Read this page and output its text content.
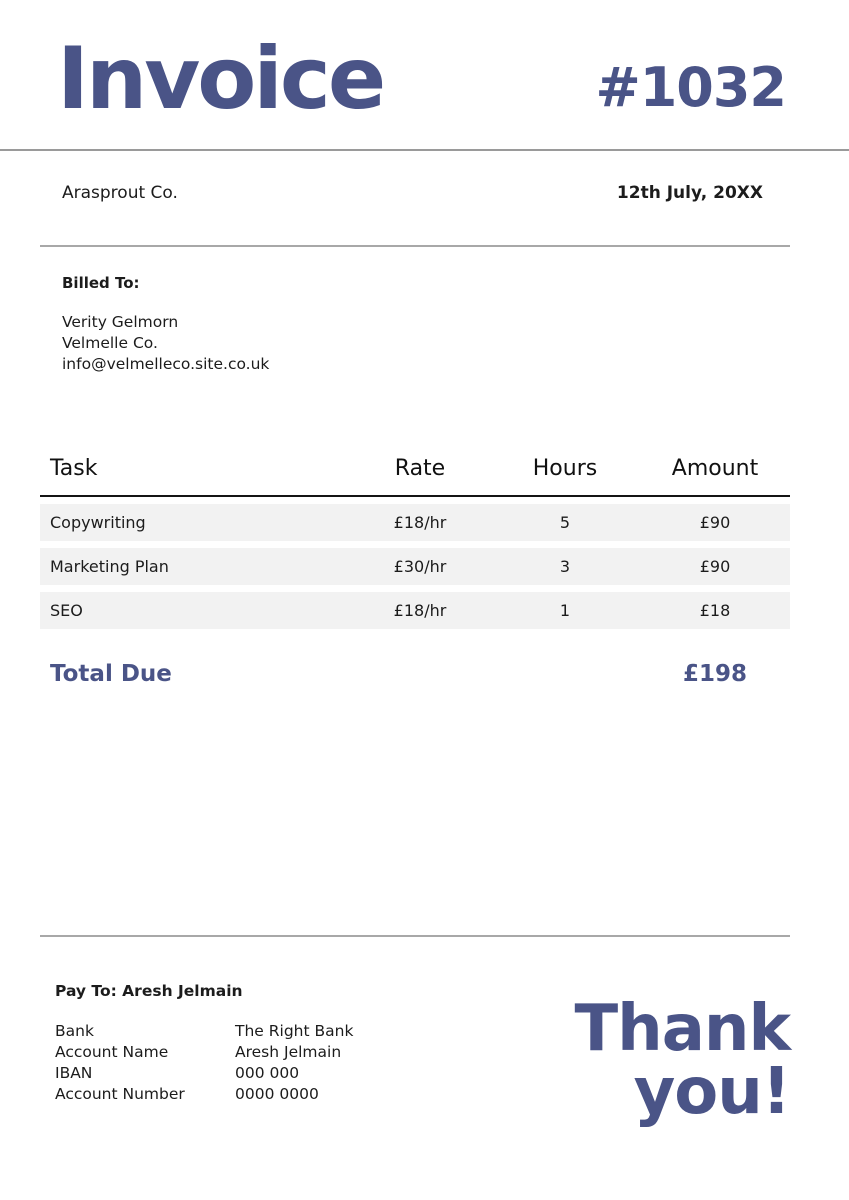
Invoice	#1032
Arasprout Co.	12th July, 20XX
Billed To:
Verity Gelmorn
Velmelle Co.
info@velmelleco.site.co.uk
Task	Rate	Hours	Amount
Copywriting	£18/hr	5	£90
Marketing Plan	£30/hr	3	£90
SEO	£18/hr	1	£18
Total Due	£198
Pay To: Aresh Jelmain
Bank	The Right Bank
Account Name	Aresh Jelmain
IBAN	000 000
Account Number	0000 0000
Thank
you!
